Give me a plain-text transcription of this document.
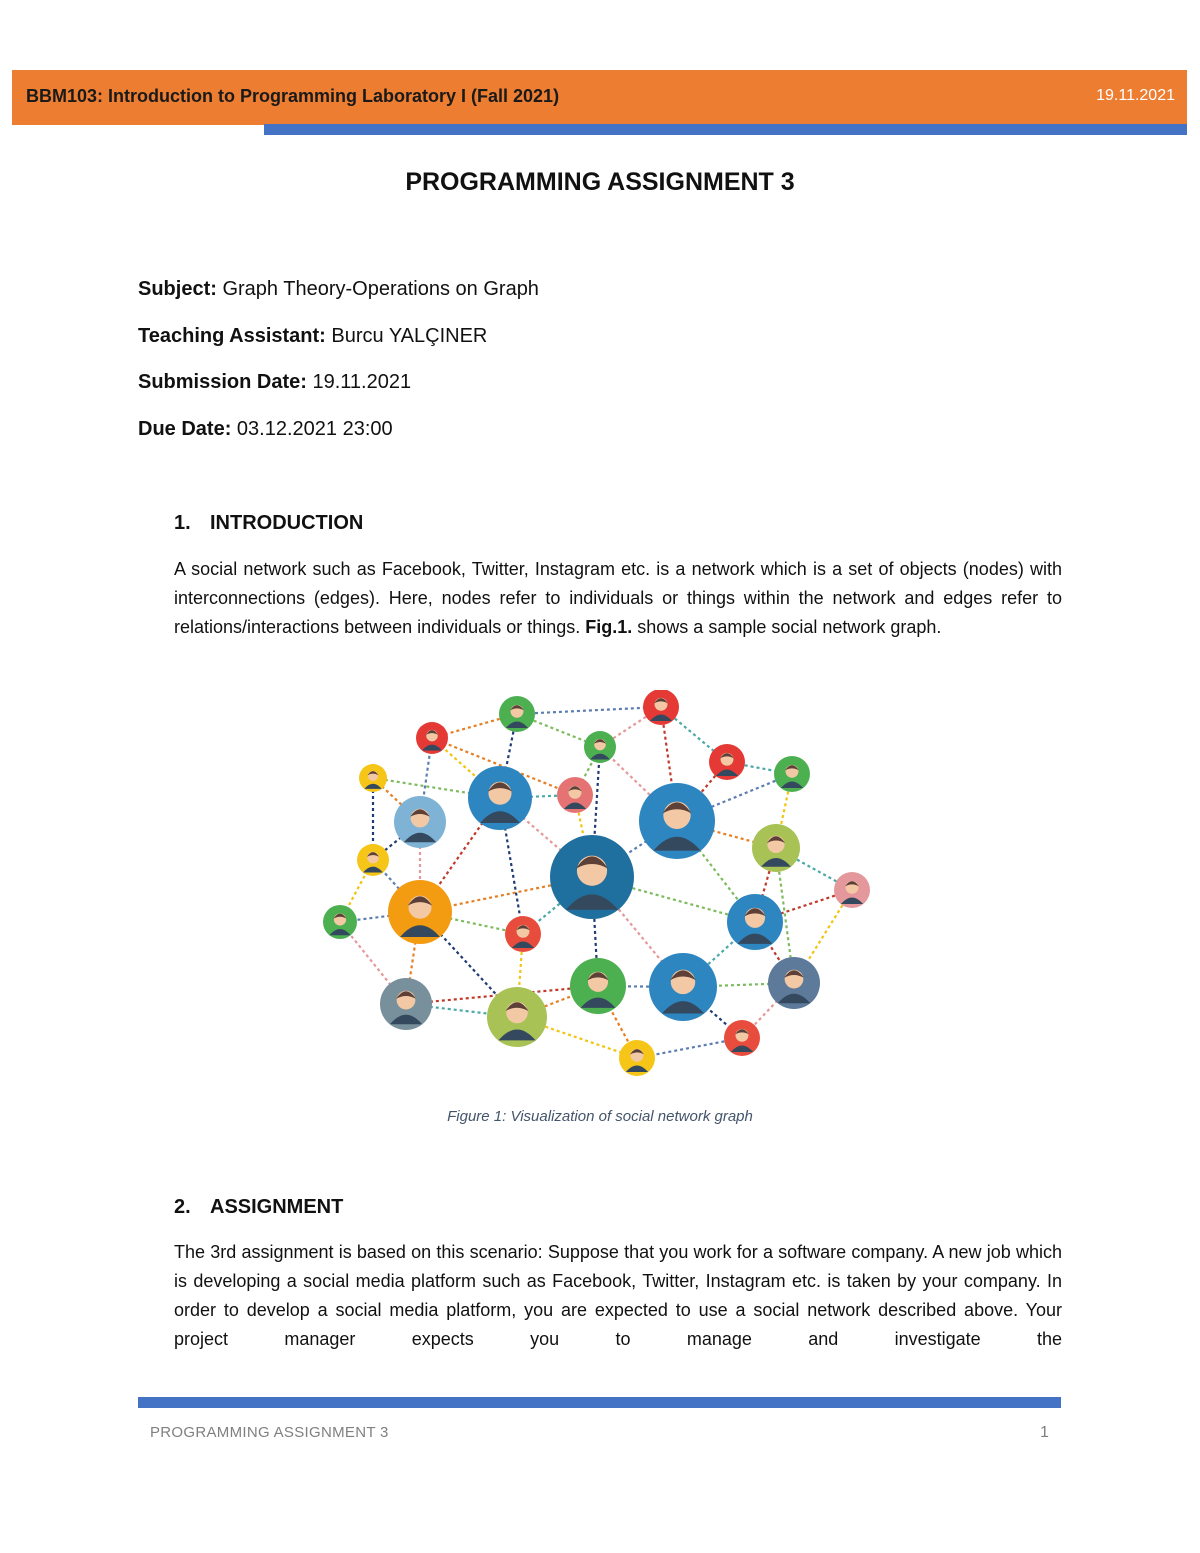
BBM103: Introduction to Programming Laboratory I (Fall 2021)	19.11.2021
PROGRAMMING ASSIGNMENT 3
Subject: Graph Theory-Operations on Graph
Teaching Assistant: Burcu YALÇINER
Submission Date: 19.11.2021
Due Date: 03.12.2021 23:00
1. INTRODUCTION
A social network such as Facebook, Twitter, Instagram etc. is a network which is a set of objects (nodes) with interconnections (edges). Here, nodes refer to individuals or things within the network and edges refer to relations/interactions between individuals or things. Fig.1. shows a sample social network graph.
Figure 1: Visualization of social network graph
2. ASSIGNMENT
The 3rd assignment is based on this scenario: Suppose that you work for a software company. A new job which is developing a social media platform such as Facebook, Twitter, Instagram etc. is taken by your company. In order to develop a social media platform, you are expected to use a social network described above. Your project manager expects you to manage and investigate the
PROGRAMMING ASSIGNMENT 3	1
